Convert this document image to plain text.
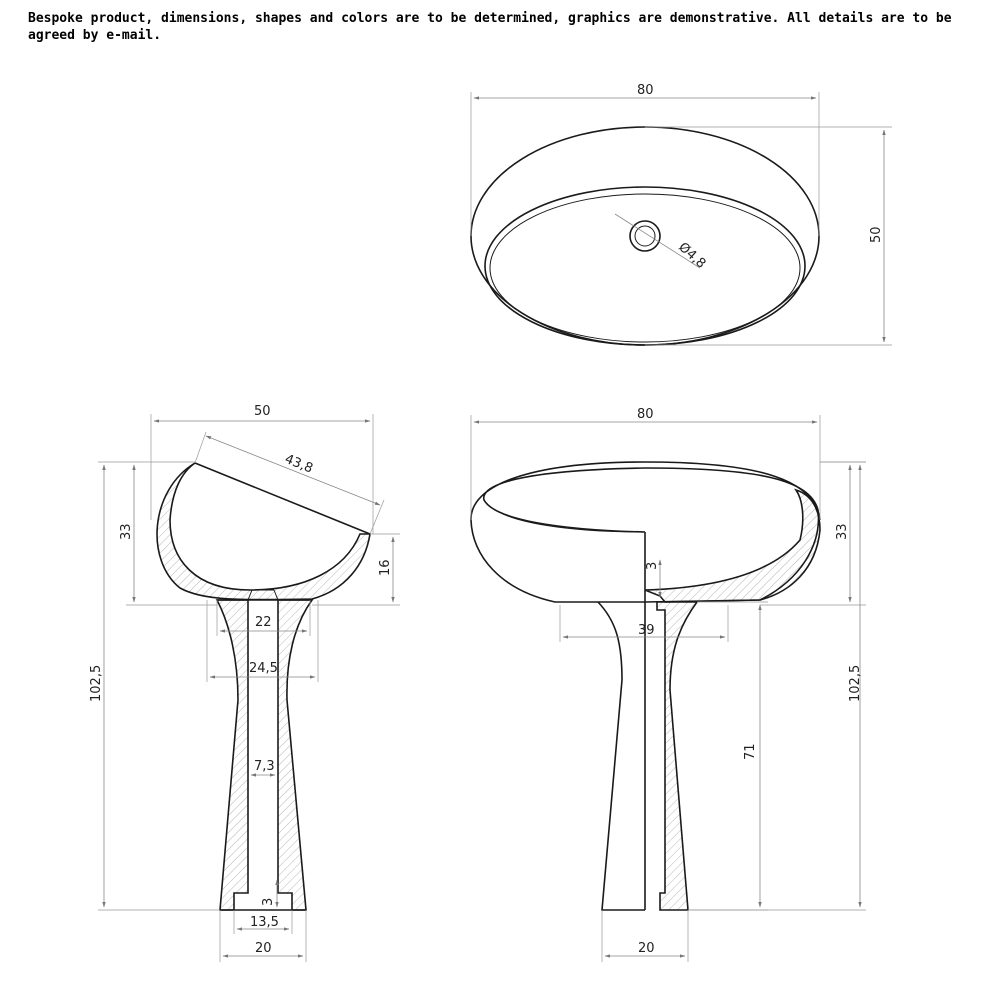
Bespoke product, dimensions, shapes and colors are to be determined, graphics are demonstrative. All details are to be agreed by e-mail.
Ø4,8
80
50
50
43,8
33
16
22
24,5
7,3
3
13,5
20
102,5
80
33
3
39
71
20
102,5
